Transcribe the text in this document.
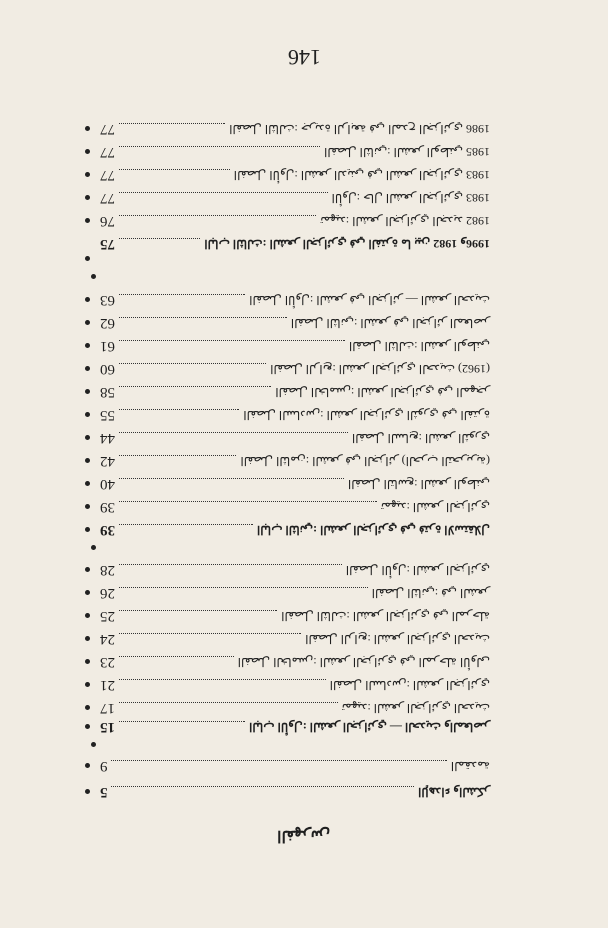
146
77	الفصل الثالث: جريدة الرابعة في المدح الجزائري 1986
77	الفصل الثاني: الشعر الوطني 1985
77	الفصل الأول: الشعر الديني في الشعر الجزائري 1983
77	الأول: حال الشعر الجزائري 1983
76	تمهيد: الشعر الجزائري الجديد 1982
75	الباب الثالث: الشعر الجزائري في الفترة ما بين 1982 و1996
63	الفصل الأول: الشعر في الجزائر — الشعر الحديث
62	الفصل الثاني: الشعر في الجزائر المعاصر
61	الفصل الثالث: الشعر الوطني
60	الفصل الرابع: الشعر الجزائري الحديث (1962)
58	الفصل الخامس: الشعر الجزائري في المهجر
55	الفصل السادس: الشعر الجزائري الثوري في الفترة
44	الفصل السابع: الشعر الثوري
42	الفصل الثامن: الشعر في الجزائر (الحرب التحريرية)
40	الفصل التاسع: الشعر الوطني
39	تمهيد: الشعر الجزائري
39	الباب الثاني: الشعر الجزائري في فترة الاستقلال
28	الفصل الأول: الشعر الجزائري
26	الفصل الثاني: في الشعر
25	الفصل الثالث: الشعر الجزائري في المرحلة
24	الفصل الرابع: الشعر الجزائري الحديث
23	الفصل الخامس: الشعر الجزائري في المرحلة الأولى
21	الفصل السادس: الشعر الجزائري
17	تمهيد: الشعر الجزائري الحديث
15	الباب الأول: الشعر الجزائري — الحديث والمعاصر
9	المقدمة
5	الإهداء والشكر
الفهرس
